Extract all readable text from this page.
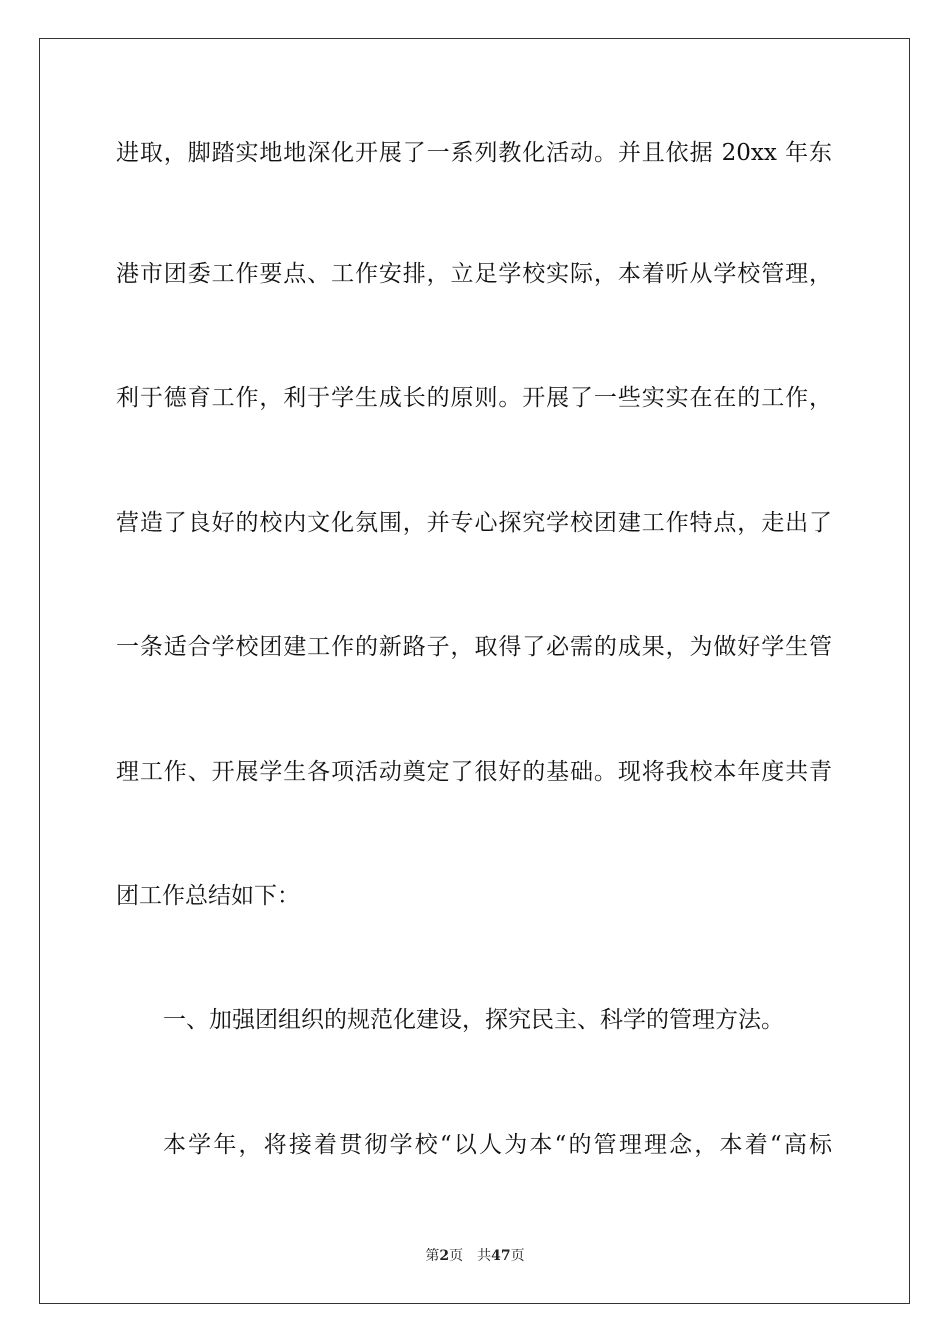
进取，脚踏实地地深化开展了一系列教化活动。并且依据 20xx 年东
港市团委工作要点、工作安排，立足学校实际，本着听从学校管理，
利于德育工作，利于学生成长的原则。开展了一些实实在在的工作，
营造了良好的校内文化氛围，并专心探究学校团建工作特点，走出了
一条适合学校团建工作的新路子，取得了必需的成果，为做好学生管
理工作、开展学生各项活动奠定了很好的基础。现将我校本年度共青
团工作总结如下：
一、加强团组织的规范化建设，探究民主、科学的管理方法。
本学年，将接着贯彻学校“以人为本“的管理理念，本着“高标
第2页 共47页
